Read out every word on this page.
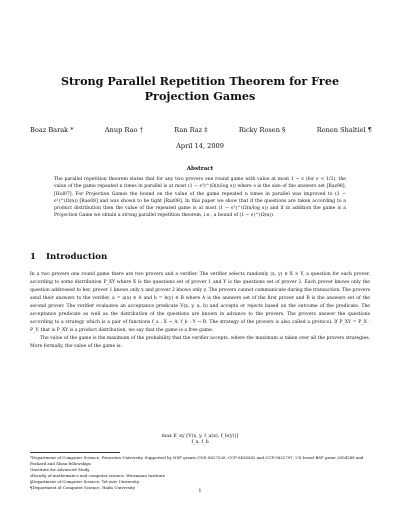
Strong Parallel Repetition Theorem for Free
Projection Games
Boaz Barak *	Anup Rao †	Ran Raz ‡	Ricky Rosen §	Ronen Shaltiel ¶
April 14, 2009
Abstract

The parallel repetition theorem states that for any two provers one round game with value at most 1 − ϵ (for ϵ < 1/2), the value of the game repeated n times in parallel is at most (1 − ϵ³)^(Ω(n/log s)) where s is the size of the answers set [Raz98],[Hol07]. For Projection Games the bound on the value of the game repeated n times in parallel was improved to (1 − ϵ²)^(Ω(n)) [Rao08] and was shown to be tight [Raz08]. In this paper we show that if the questions are taken according to a product distribution then the value of the repeated game is at most (1 − ϵ²)^(Ω(n/log s)) and if in addition the game is a Projection Game we obtain a strong parallel repetition theorem, i.e., a bound of (1 − ϵ)^(Ω(n)).

1 Introduction

In a two provers one round game there are two provers and a verifier. The verifier selects randomly (x, y) ∈ X × Y, a question for each prover, according to some distribution P_XY where X is the questions set of prover 1 and Y is the questions set of prover 2. Each prover knows only the question addressed to her, prover 1 knows only x and prover 2 knows only y. The provers cannot communicate during the transaction. The provers send their answers to the verifier, a = a(x) ∈ A and b = b(y) ∈ B where A is the answers set of the first prover and B is the answers set of the second prover. The verifier evaluates an acceptance predicate V(x, y, a, b) and accepts or rejects based on the outcome of the predicate. The acceptance predicate as well as the distribution of the questions are known in advance to the provers. The provers answer the questions according to a strategy which is a pair of functions f_a : X → A, f_b : Y → B. The strategy of the provers is also called a protocol. If P_XY = P_X · P_Y, that is P_XY is a product distribution, we say that the game is a free game.

The value of the game is the maximum of the probability that the verifier accepts, where the maximum is taken over all the provers strategies. More formally, the value of the game is:

max E_xy [V(x, y, f_a(x), f_b(y))]
f_a, f_b
*Department of Computer Science, Princeton University. Supported by NSF grants CNS-0627526, CCF-0426582 and CCF-0832797, US-Israel BSF grant 2004288 and Packard and Sloan fellowships
†Institute for Advanced Study
‡Faculty of mathematics and computer science, Weizmann Institute
§Department of Computer Science, Tel-Aviv University.
¶Department of Computer Science, Haifa University.
1
